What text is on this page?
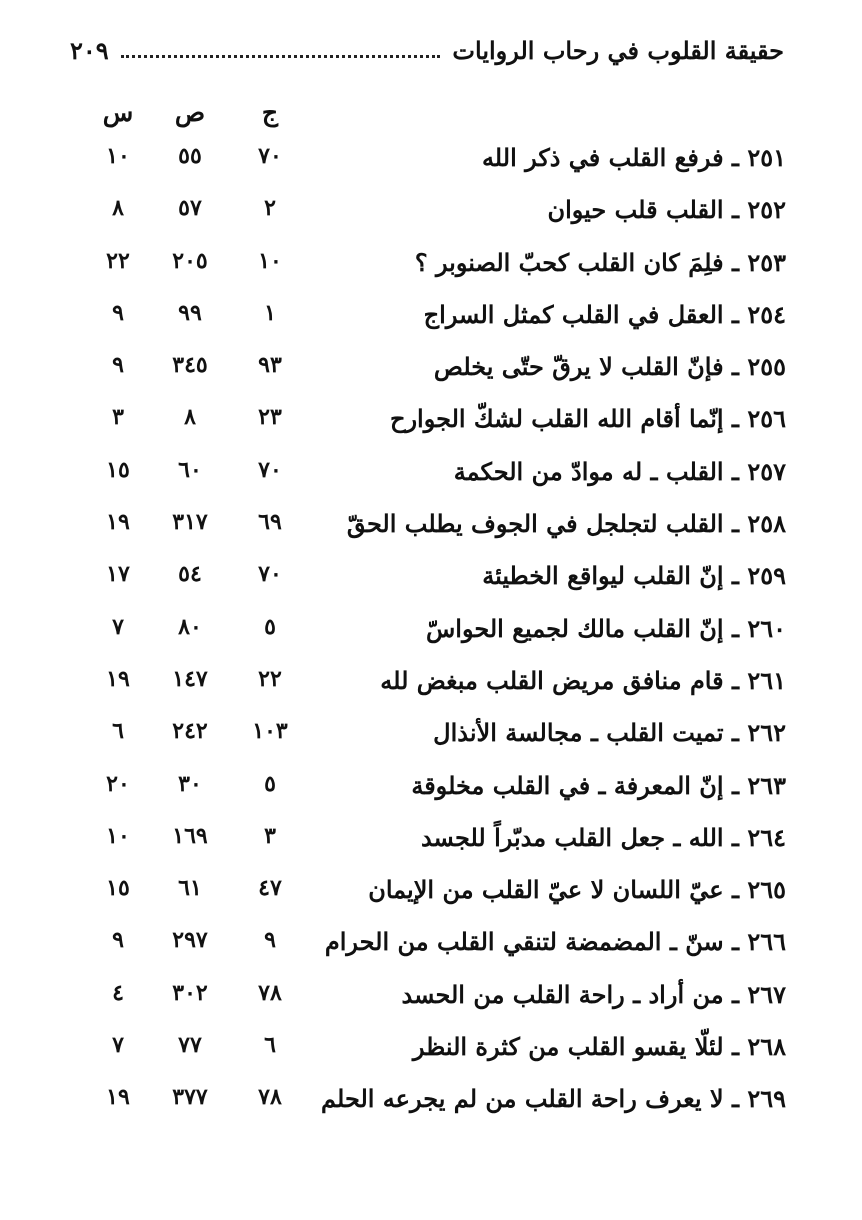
حقيقة القلوب في رحاب الروايات
٢٠٩
ج
ص
س
٢٥١ ـ فرفع القلب في ذكر الله
٧٠
٥٥
١٠
٢٥٢ ـ القلب قلب حيوان
٢
٥٧
٨
٢٥٣ ـ فلِمَ كان القلب كحبّ الصنوبر ؟
١٠
٢٠٥
٢٢
٢٥٤ ـ العقل في القلب كمثل السراج
١
٩٩
٩
٢٥٥ ـ فإنّ القلب لا يرقّ حتّى يخلص
٩٣
٣٤٥
٩
٢٥٦ ـ إنّما أقام الله القلب لشكّ الجوارح
٢٣
٨
٣
٢٥٧ ـ القلب ـ له موادّ من الحكمة
٧٠
٦٠
١٥
٢٥٨ ـ القلب لتجلجل في الجوف يطلب الحقّ
٦٩
٣١٧
١٩
٢٥٩ ـ إنّ القلب ليواقع الخطيئة
٧٠
٥٤
١٧
٢٦٠ ـ إنّ القلب مالك لجميع الحواسّ
٥
٨٠
٧
٢٦١ ـ قام منافق مريض القلب مبغض لله
٢٢
١٤٧
١٩
٢٦٢ ـ تميت القلب ـ مجالسة الأنذال
١٠٣
٢٤٢
٦
٢٦٣ ـ إنّ المعرفة ـ في القلب مخلوقة
٥
٣٠
٢٠
٢٦٤ ـ الله ـ جعل القلب مدبّراً للجسد
٣
١٦٩
١٠
٢٦٥ ـ عيّ اللسان لا عيّ القلب من الإيمان
٤٧
٦١
١٥
٢٦٦ ـ سنّ ـ المضمضة لتنقي القلب من الحرام
٩
٢٩٧
٩
٢٦٧ ـ من أراد ـ راحة القلب من الحسد
٧٨
٣٠٢
٤
٢٦٨ ـ لئلّا يقسو القلب من كثرة النظر
٦
٧٧
٧
٢٦٩ ـ لا يعرف راحة القلب من لم يجرعه الحلم
٧٨
٣٧٧
١٩
